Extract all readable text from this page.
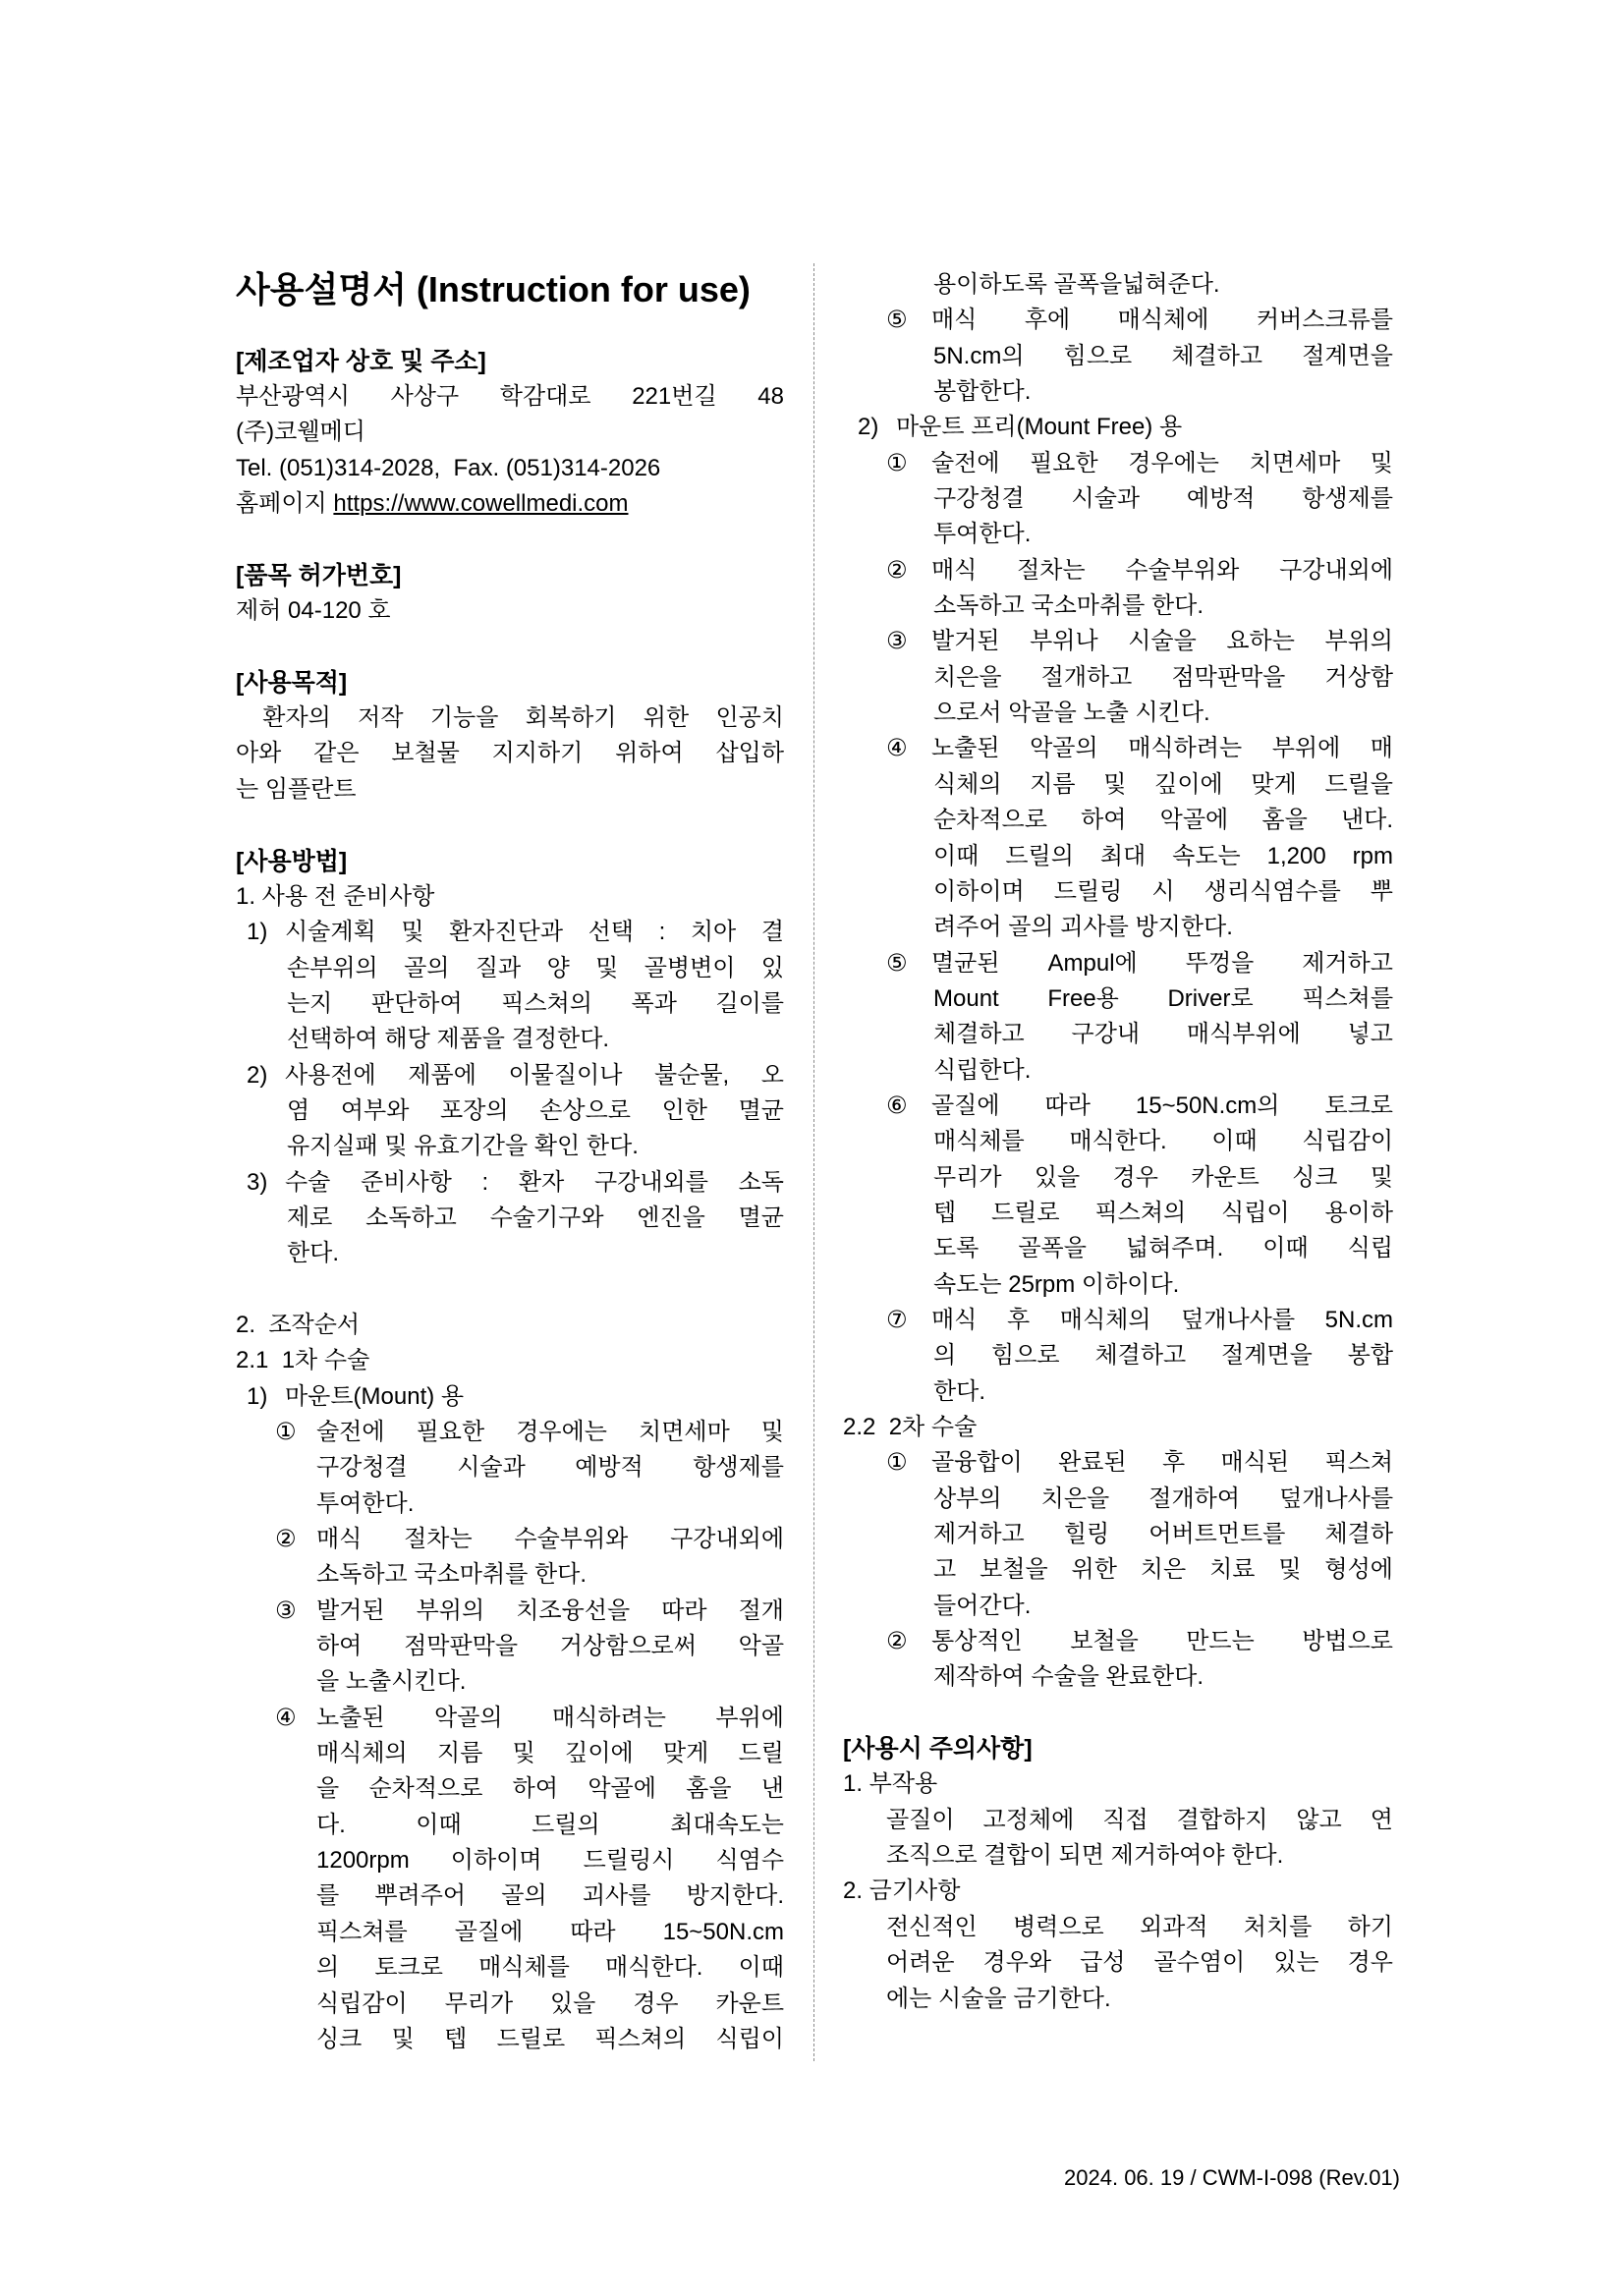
사용설명서 (Instruction for use)
[제조업자 상호 및 주소]
부산광역시 사상구 학감대로 221번길 48
(주)코웰메디
Tel. (051)314-2028,  Fax. (051)314-2026
홈페이지 https://www.cowellmedi.com
[품목 허가번호]
제허 04-120 호
[사용목적]
환자의 저작 기능을 회복하기 위한 인공치
아와 같은 보철물 지지하기 위하여 삽입하
는 임플란트
[사용방법]
1. 사용 전 준비사항
1) 시술계획 및 환자진단과 선택 : 치아 결
손부위의 골의 질과 양 및 골병변이 있
는지 판단하여 픽스쳐의 폭과 길이를
선택하여 해당 제품을 결정한다.
2) 사용전에 제품에 이물질이나 불순물, 오
염 여부와 포장의 손상으로 인한 멸균
유지실패 및 유효기간을 확인 한다.
3) 수술 준비사항 : 환자 구강내외를 소독
제로 소독하고 수술기구와 엔진을 멸균
한다.
2.  조작순서
2.1  1차 수술
1) 마운트(Mount) 용
① 술전에 필요한 경우에는 치면세마 및
구강청결 시술과 예방적 항생제를
투여한다.
② 매식 절차는 수술부위와 구강내외에
소독하고 국소마취를 한다.
③ 발거된 부위의 치조융선을 따라 절개
하여 점막판막을 거상함으로써 악골
을 노출시킨다.
④ 노출된 악골의 매식하려는 부위에
매식체의 지름 및 깊이에 맞게 드릴
을 순차적으로 하여 악골에 홈을 낸
다. 이때 드릴의 최대속도는
1200rpm 이하이며 드릴링시 식염수
를 뿌려주어 골의 괴사를 방지한다.
픽스쳐를 골질에 따라 15~50N.cm
의 토크로 매식체를 매식한다. 이때
식립감이 무리가 있을 경우 카운트
싱크 및 텝 드릴로 픽스쳐의 식립이
용이하도록 골폭을넓혀준다.
⑤ 매식 후에 매식체에 커버스크류를
5N.cm의 힘으로 체결하고 절계면을
봉합한다.
2) 마운트 프리(Mount Free) 용
① 술전에 필요한 경우에는 치면세마 및
구강청결 시술과 예방적 항생제를
투여한다.
② 매식 절차는 수술부위와 구강내외에
소독하고 국소마취를 한다.
③ 발거된 부위나 시술을 요하는 부위의
치은을 절개하고 점막판막을 거상함
으로서 악골을 노출 시킨다.
④ 노출된 악골의 매식하려는 부위에 매
식체의 지름 및 깊이에 맞게 드릴을
순차적으로 하여 악골에 홈을 낸다.
이때 드릴의 최대 속도는 1,200 rpm
이하이며 드릴링 시 생리식염수를 뿌
려주어 골의 괴사를 방지한다.
⑤ 멸균된 Ampul에 뚜껑을 제거하고
Mount Free용 Driver로 픽스쳐를
체결하고 구강내 매식부위에 넣고
식립한다.
⑥ 골질에 따라 15~50N.cm의 토크로
매식체를 매식한다. 이때 식립감이
무리가 있을 경우 카운트 싱크 및
텝 드릴로 픽스쳐의 식립이 용이하
도록 골폭을 넓혀주며. 이때 식립
속도는 25rpm 이하이다.
⑦ 매식 후 매식체의 덮개나사를 5N.cm
의 힘으로 체결하고 절계면을 봉합
한다.
2.2  2차 수술
① 골융합이 완료된 후 매식된 픽스쳐
상부의 치은을 절개하여 덮개나사를
제거하고 힐링 어버트먼트를 체결하
고 보철을 위한 치은 치료 및 형성에
들어간다.
② 통상적인 보철을 만드는 방법으로
제작하여 수술을 완료한다.
[사용시 주의사항]
1. 부작용
골질이 고정체에 직접 결합하지 않고 연
조직으로 결합이 되면 제거하여야 한다.
2. 금기사항
전신적인 병력으로 외과적 처치를 하기
어려운 경우와 급성 골수염이 있는 경우
에는 시술을 금기한다.
2024. 06. 19 / CWM-I-098 (Rev.01)
